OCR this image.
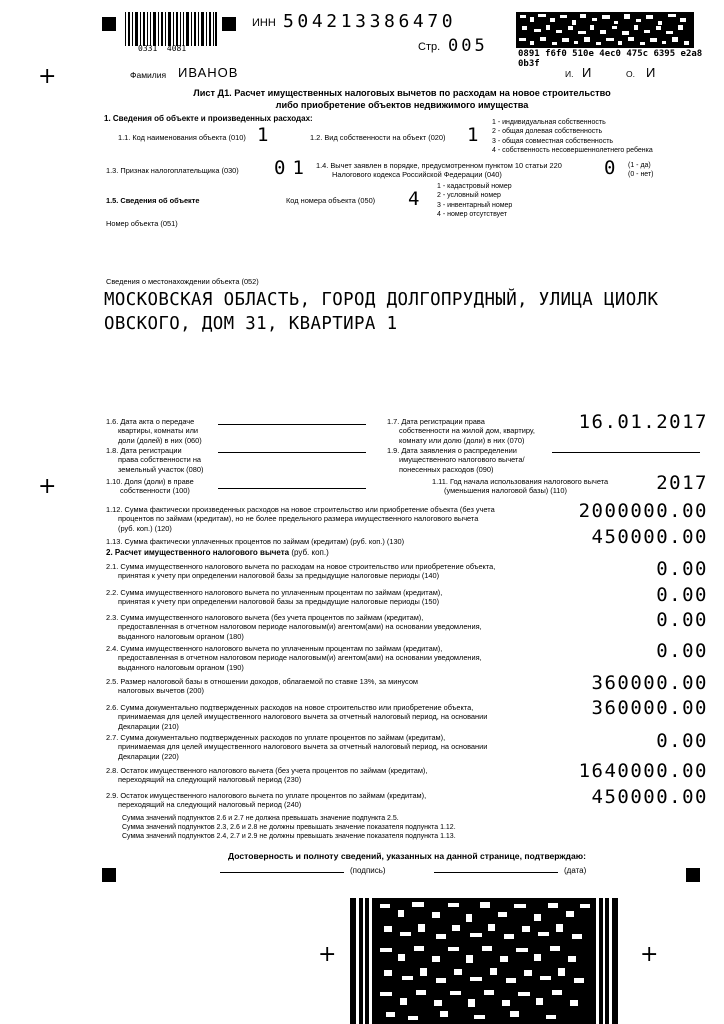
+
+
+	+
0331  4081
ИНН 504213386470
Стр. 005	0891 f6f0 510e 4ec0 475c 6395 e2a8 0b3f
Фамилия ИВАНОВ	И. И	О. И
Лист Д1. Расчет имущественных налоговых вычетов по расходам на новое строительство
либо приобретение объектов недвижимого имущества
1. Сведения об объекте и произведенных расходах:
1.1. Код наименования объекта (010) 1	1.2. Вид собственности на объект (020) 1
1 - индивидуальная собственность
2 - общая долевая собственность
3 - общая совместная собственность
4 - собственность несовершеннолетнего ребенка
1.3. Признак налогоплательщика (030) 01 1.4. Вычет заявлен в порядке, предусмотренном пунктом 10 статьи 220
Налогового кодекса Российской Федерации (040)	0 (1 - да)
(0 - нет)
1.5. Сведения об объекте	Код номера объекта (050) 4
1 - кадастровый номер
2 - условный номер
3 - инвентарный номер
4 - номер отсутствует
Номер объекта (051)
Сведения о местонахождении объекта (052)
МОСКОВСКАЯ ОБЛАСТЬ, ГОРОД ДОЛГОПРУДНЫЙ, УЛИЦА ЦИОЛК
ОВСКОГО, ДОМ 31, КВАРТИРА 1
1.6. Дата акта о передаче
квартиры, комнаты или
доли (долей) в них (060)
1.7. Дата регистрации права
собственности на жилой дом, квартиру,
комнату или долю (доли) в них (070)
16.01.2017
1.8. Дата регистрации
права собственности на
земельный участок (080)
1.9. Дата заявления о распределении
имущественного налогового вычета/
понесенных расходов (090)
1.10. Доля (доли) в праве
собственности (100)
1.11. Год начала использования налогового вычета
(уменьшения налоговой базы) (110)	2017
1.12. Сумма фактически произведенных расходов на новое строительство или приобретение объекта (без учета
процентов по займам (кредитам), но не более предельного размера имущественного налогового вычета
(руб. коп.) (120)
2000000.00
1.13. Сумма фактически уплаченных процентов по займам (кредитам) (руб. коп.) (130)	450000.00
2. Расчет имущественного налогового вычета (руб. коп.)
2.1. Сумма имущественного налогового вычета по расходам на новое строительство или приобретение объекта,
принятая к учету при определении налоговой базы за предыдущие налоговые периоды (140)	0.00
2.2. Сумма имущественного налогового вычета по уплаченным процентам по займам (кредитам),
принятая к учету при определении налоговой базы за предыдущие налоговые периоды (150)	0.00
2.3. Сумма имущественного налогового вычета (без учета процентов по займам (кредитам),
предоставленная в отчетном налоговом периоде налоговым(и) агентом(ами) на основании уведомления,
выданного налоговым органом (180)
0.00
2.4. Сумма имущественного налогового вычета по уплаченным процентам по займам (кредитам),
предоставленная в отчетном налоговом периоде налоговым(и) агентом(ами) на основании уведомления,
выданного налоговым органом (190)
0.00
2.5. Размер налоговой базы в отношении доходов, облагаемой по ставке 13%, за минусом
налоговых вычетов (200)	360000.00
2.6. Сумма документально подтвержденных расходов на новое строительство или приобретение объекта,
принимаемая для целей имущественного налогового вычета за отчетный налоговый период, на основании
Декларации (210)
360000.00
2.7. Сумма документально подтвержденных расходов по уплате процентов по займам (кредитам),
принимаемая для целей имущественного налогового вычета за отчетный налоговый период, на основании
Декларации (220)
0.00
2.8. Остаток имущественного налогового вычета (без учета процентов по займам (кредитам),
переходящий на следующий налоговый период (230)	1640000.00
2.9. Остаток имущественного налогового вычета по уплате процентов по займам (кредитам),
переходящий на следующий налоговый период (240)	450000.00
Сумма значений подпунктов 2.6 и 2.7 не должна превышать значение подпункта 2.5.
Сумма значений подпунктов 2.3, 2.6 и 2.8 не должны превышать значение показателя подпункта 1.12.
Сумма значений подпунктов 2.4, 2.7 и 2.9 не должны превышать значение показателя подпункта 1.13.
Достоверность и полноту сведений, указанных на данной странице, подтверждаю:
(подпись)	(дата)
